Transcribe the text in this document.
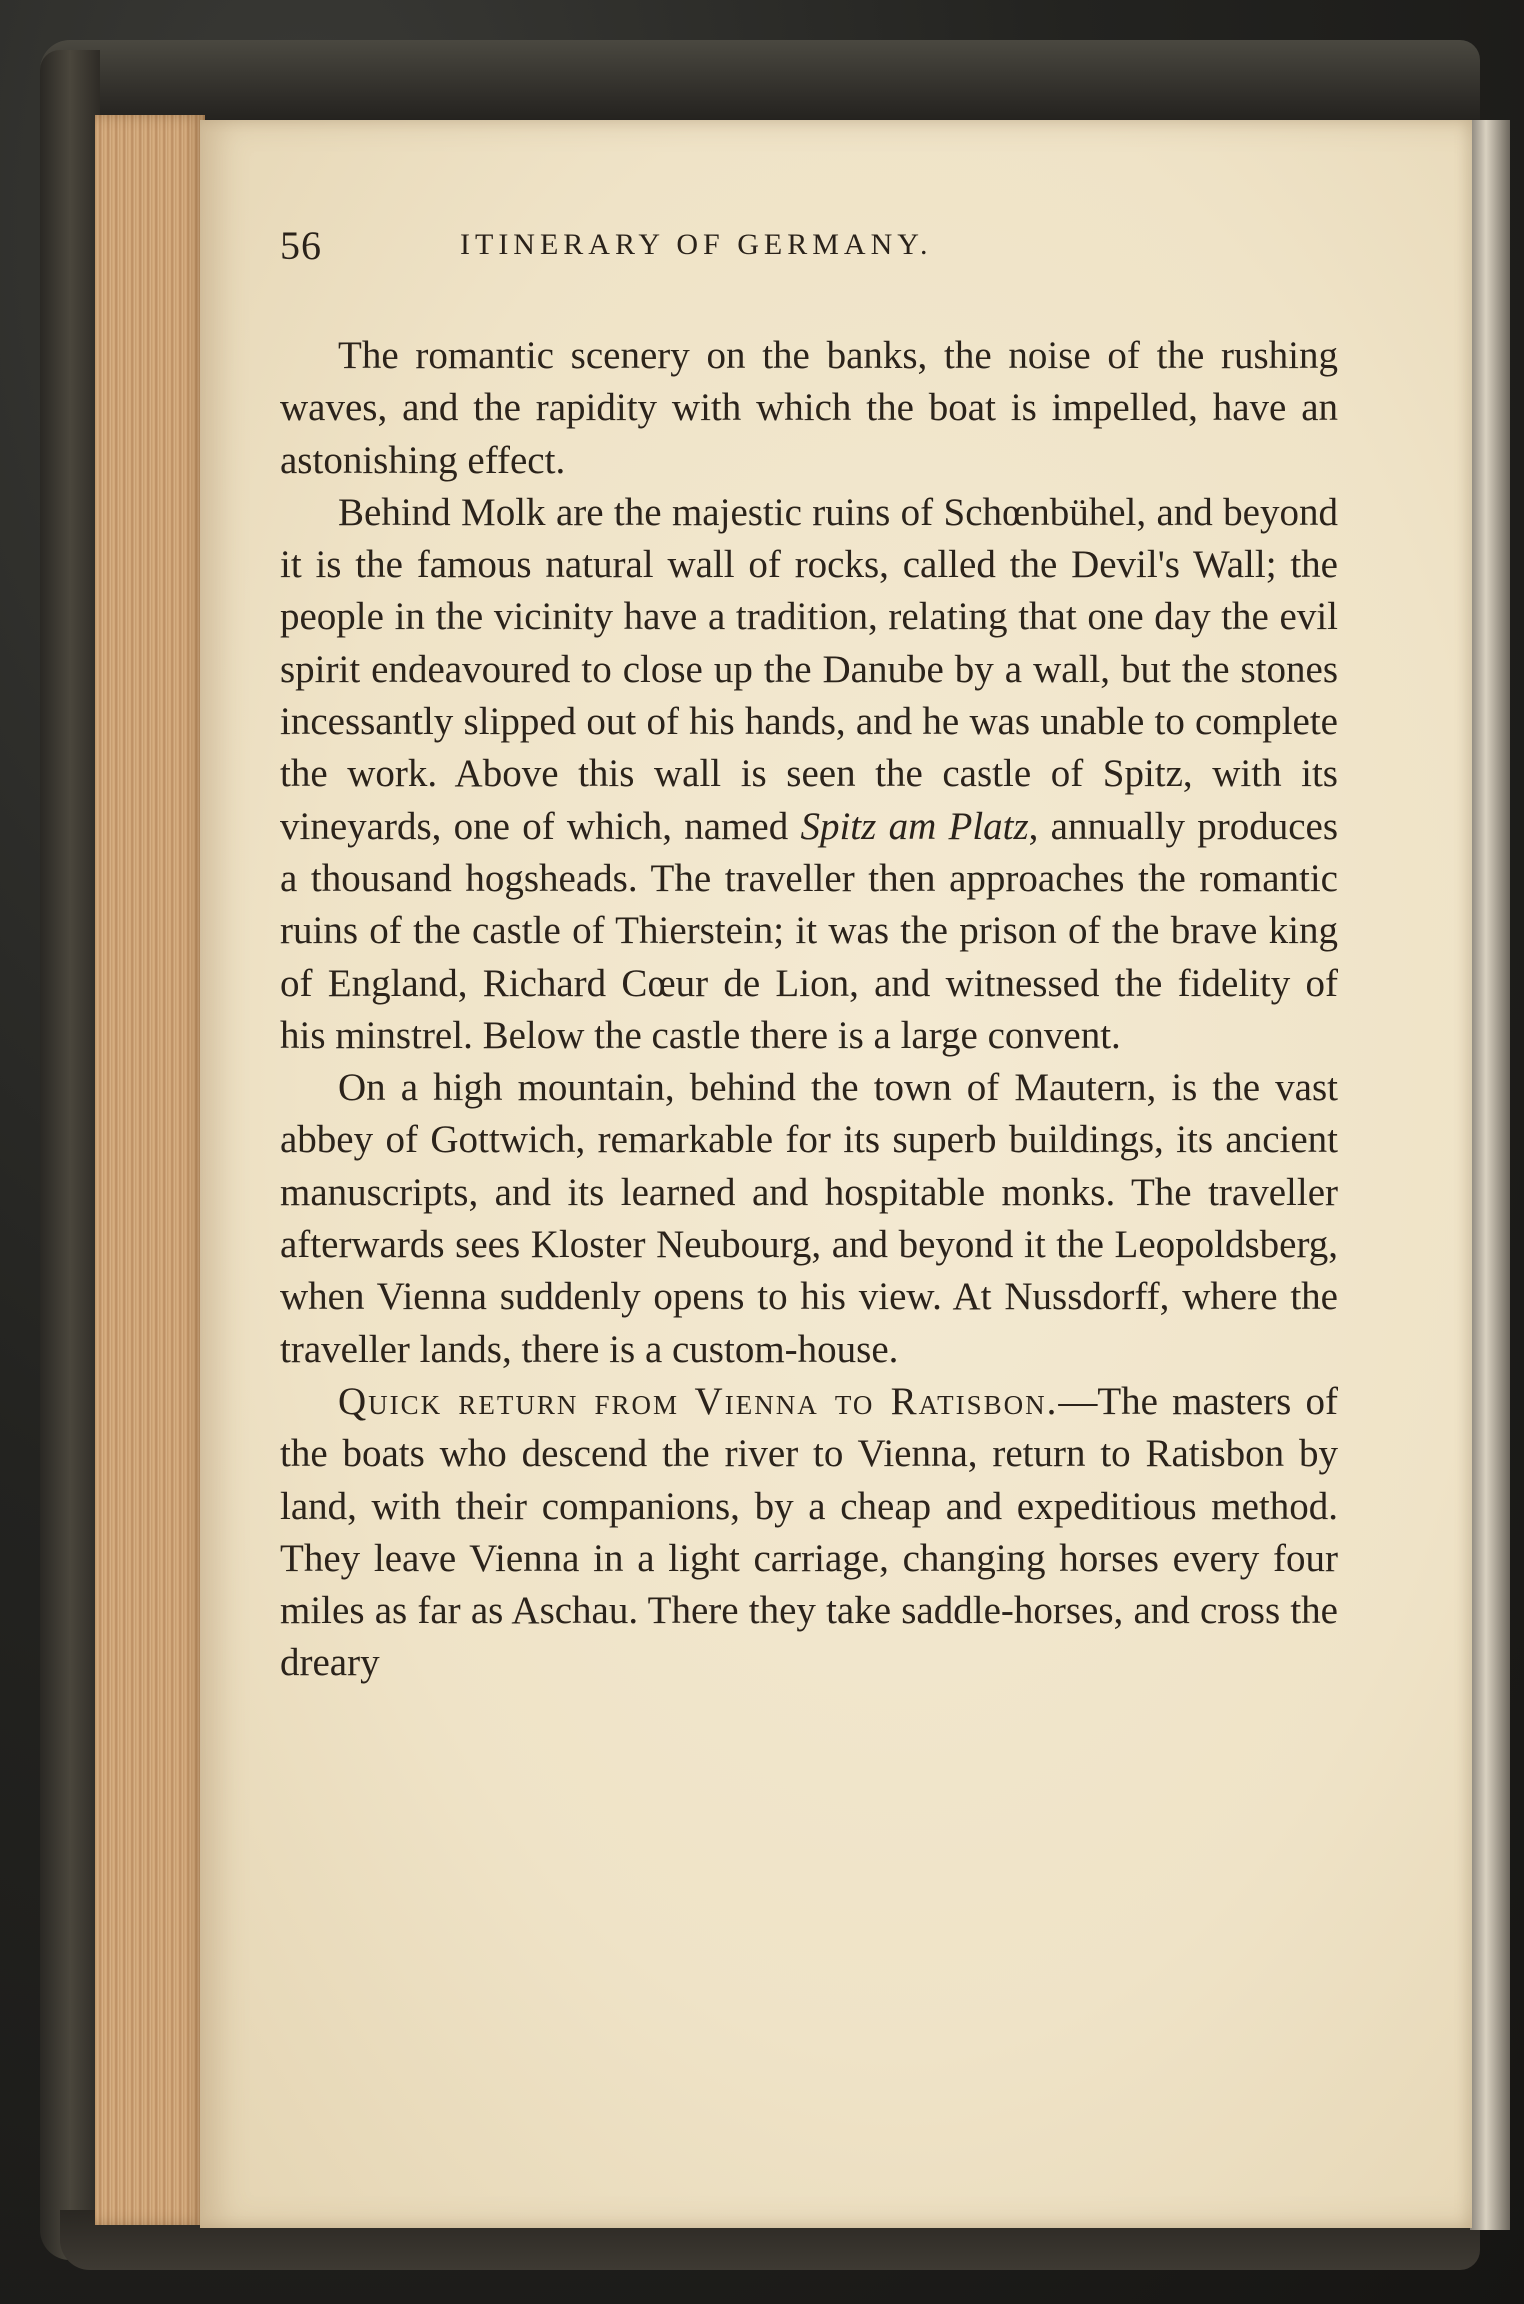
56	ITINERARY OF GERMANY.

The romantic scenery on the banks, the noise of the rushing waves, and the rapidity with which the boat is impelled, have an astonishing effect.

Behind Molk are the majestic ruins of Schœnbühel, and beyond it is the famous natural wall of rocks, called the Devil's Wall; the people in the vicinity have a tradition, relating that one day the evil spirit endeavoured to close up the Danube by a wall, but the stones incessantly slipped out of his hands, and he was unable to complete the work. Above this wall is seen the castle of Spitz, with its vineyards, one of which, named Spitz am Platz, annually produces a thousand hogsheads. The traveller then approaches the romantic ruins of the castle of Thierstein; it was the prison of the brave king of England, Richard Cœur de Lion, and witnessed the fidelity of his minstrel. Below the castle there is a large convent.

On a high mountain, behind the town of Mautern, is the vast abbey of Gottwich, remarkable for its superb buildings, its ancient manuscripts, and its learned and hospitable monks. The traveller afterwards sees Kloster Neubourg, and beyond it the Leopoldsberg, when Vienna suddenly opens to his view. At Nussdorff, where the traveller lands, there is a custom-house.

Quick return from Vienna to Ratisbon.—The masters of the boats who descend the river to Vienna, return to Ratisbon by land, with their companions, by a cheap and expeditious method. They leave Vienna in a light carriage, changing horses every four miles as far as Aschau. There they take saddle-horses, and cross the dreary
